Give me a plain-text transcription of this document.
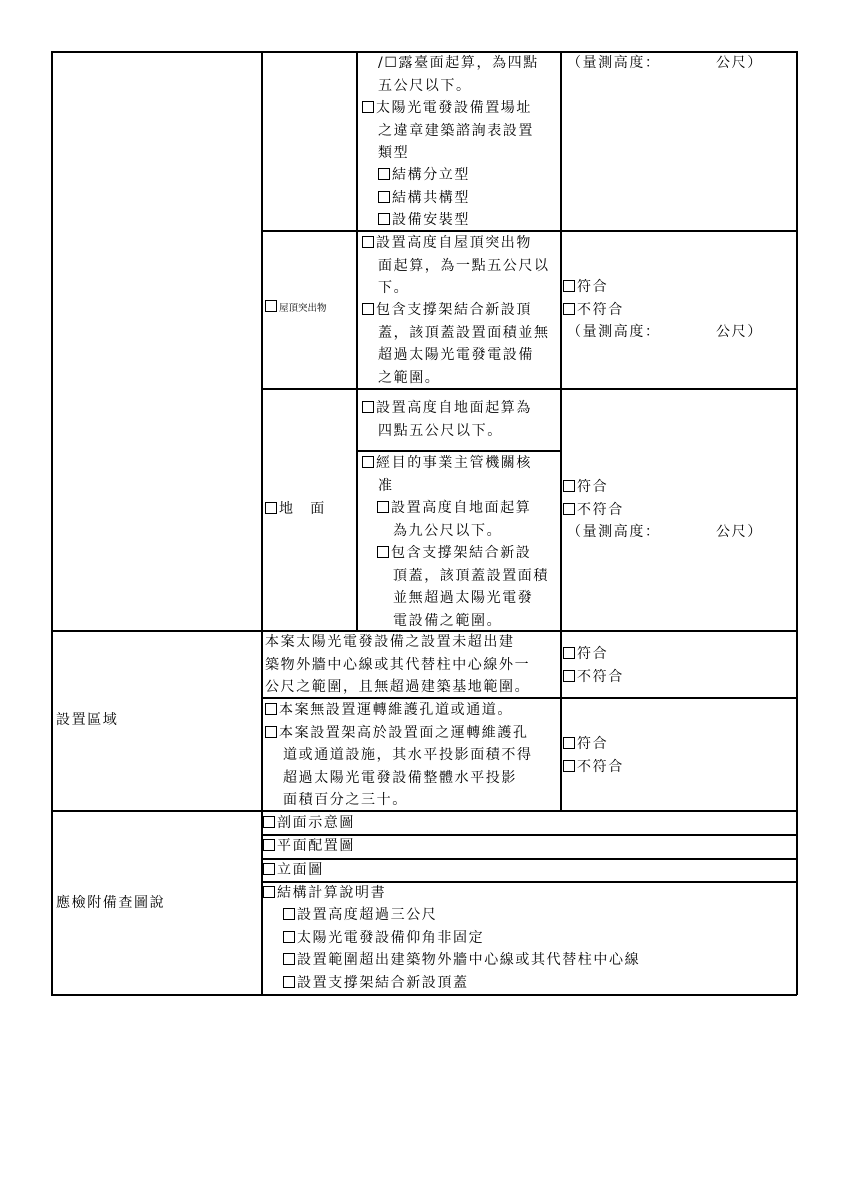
/☐露臺面起算，為四點
五公尺以下。
太陽光電發設備置場址
之違章建築諮詢表設置
類型
結構分立型
結構共構型
設備安裝型
（量測高度：　　　　公尺）
屋頂突出物
設置高度自屋頂突出物
面起算，為一點五公尺以
下。
包含支撐架結合新設頂
蓋，該頂蓋設置面積並無
超過太陽光電發電設備
之範圍。
符合
不符合
（量測高度：　　　　公尺）
地　面
設置高度自地面起算為
四點五公尺以下。
經目的事業主管機關核
准
設置高度自地面起算
為九公尺以下。
包含支撐架結合新設
頂蓋，該頂蓋設置面積
並無超過太陽光電發
電設備之範圍。
符合
不符合
（量測高度：　　　　公尺）
設置區域
本案太陽光電發設備之設置未超出建
築物外牆中心線或其代替柱中心線外一
公尺之範圍，且無超過建築基地範圍。
符合
不符合
本案無設置運轉維護孔道或通道。
本案設置架高於設置面之運轉維護孔
道或通道設施，其水平投影面積不得
超過太陽光電發設備整體水平投影
面積百分之三十。
符合
不符合
應檢附備查圖說
剖面示意圖
平面配置圖
立面圖
結構計算說明書
設置高度超過三公尺
太陽光電發設備仰角非固定
設置範圍超出建築物外牆中心線或其代替柱中心線
設置支撐架結合新設頂蓋
